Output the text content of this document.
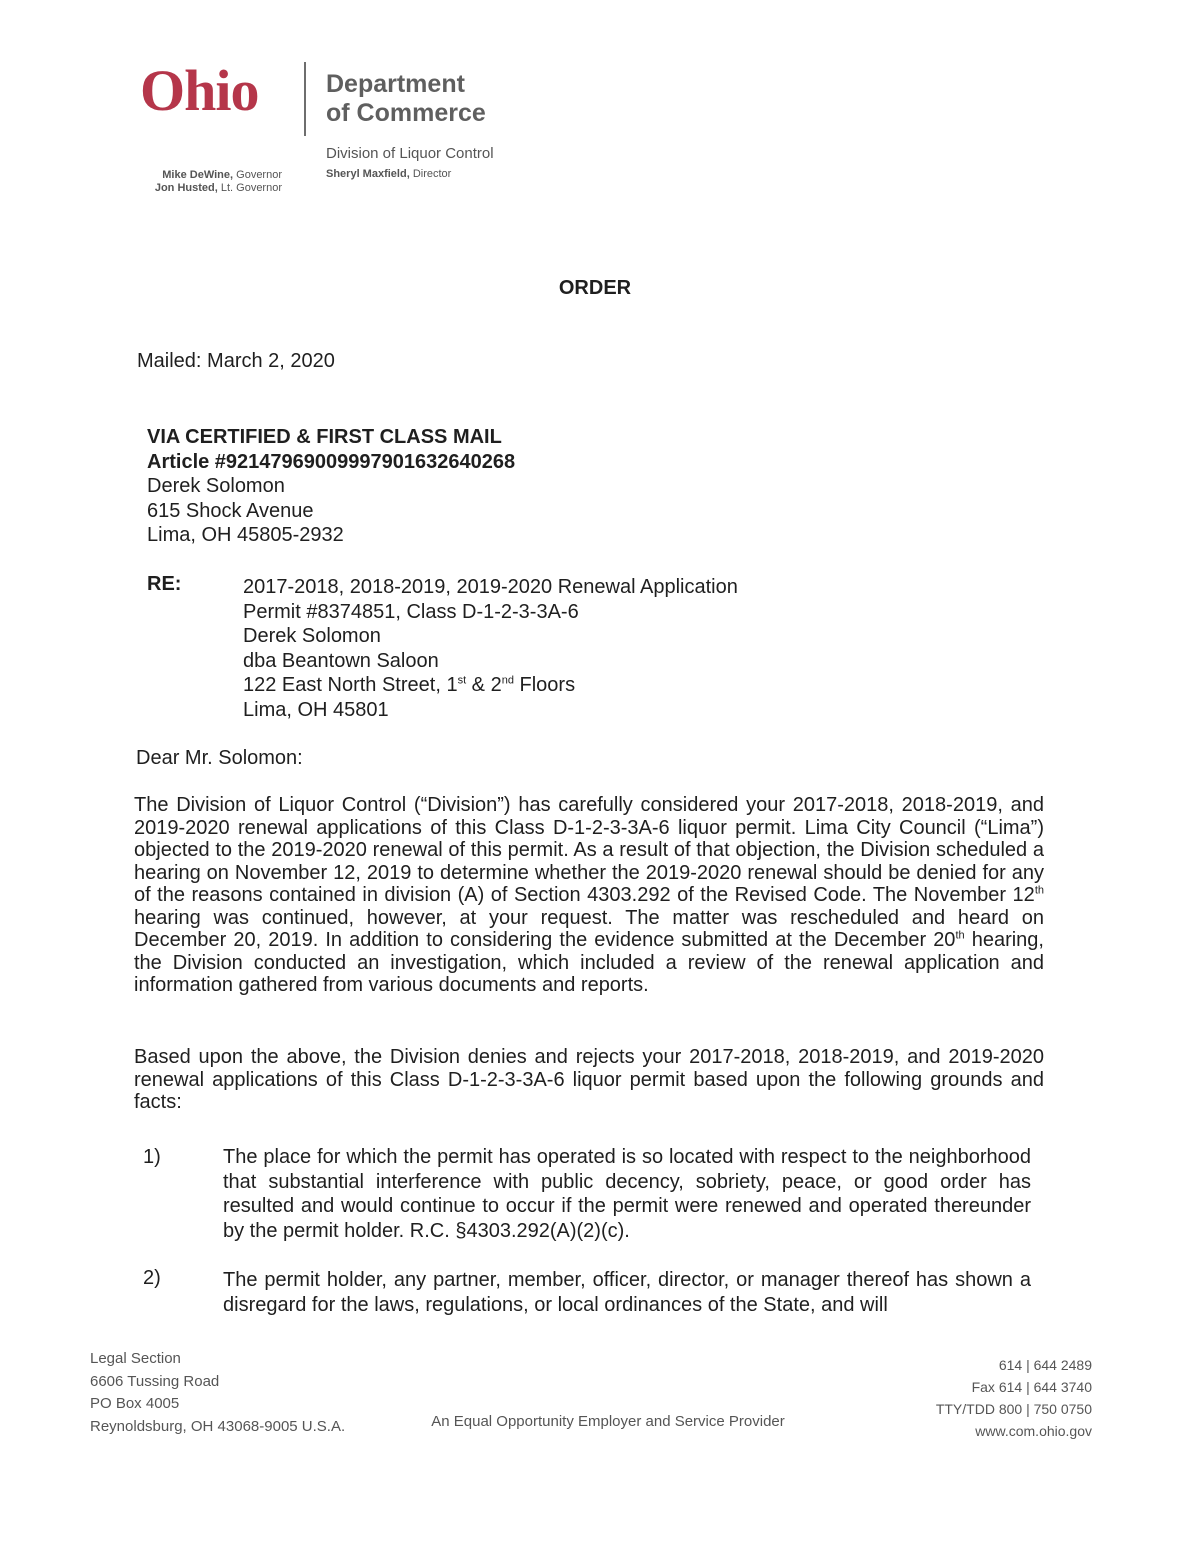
Ohio	Department
of Commerce
Division of Liquor Control
Sheryl Maxfield, Director
Mike DeWine, Governor
Jon Husted, Lt. Governor
ORDER
Mailed: March 2, 2020
VIA CERTIFIED & FIRST CLASS MAIL
Article #9214796900999790163264026​8
Derek Solomon
615 Shock Avenue
Lima, OH 45805-2932
RE:	2017-2018, 2018-2019, 2019-2020 Renewal Application
Permit #8374851, Class D-1-2-3-3A-6
Derek Solomon
dba Beantown Saloon
122 East North Street, 1st & 2nd Floors
Lima, OH 45801
Dear Mr. Solomon:
The Division of Liquor Control (“Division”) has carefully considered your 2017-2018, 2018-2019, and 2019-2020 renewal applications of this Class D-1-2-3-3A-6 liquor permit. Lima City Council (“Lima”) objected to the 2019-2020 renewal of this permit. As a result of that objection, the Division scheduled a hearing on November 12, 2019 to determine whether the 2019-2020 renewal should be denied for any of the reasons contained in division (A) of Section 4303.292 of the Revised Code. The November 12th hearing was continued, however, at your request. The matter was rescheduled and heard on December 20, 2019. In addition to considering the evidence submitted at the December 20th hearing, the Division conducted an investigation, which included a review of the renewal application and information gathered from various documents and reports.
Based upon the above, the Division denies and rejects your 2017-2018, 2018-2019, and 2019-2020 renewal applications of this Class D-1-2-3-3A-6 liquor permit based upon the following grounds and facts:
1)	The place for which the permit has operated is so located with respect to the neighborhood that substantial interference with public decency, sobriety, peace, or good order has resulted and would continue to occur if the permit were renewed and operated thereunder by the permit holder. R.C. §4303.292(A)(2)(c).
2)	The permit holder, any partner, member, officer, director, or manager thereof has shown a disregard for the laws, regulations, or local ordinances of the State, and will
Legal Section
6606 Tussing Road
PO Box 4005
Reynoldsburg, OH 43068-9005 U.S.A.	An Equal Opportunity Employer and Service Provider
614 | 644 2489
Fax 614 | 644 3740
TTY/TDD 800 | 750 0750
www.com.ohio.gov
